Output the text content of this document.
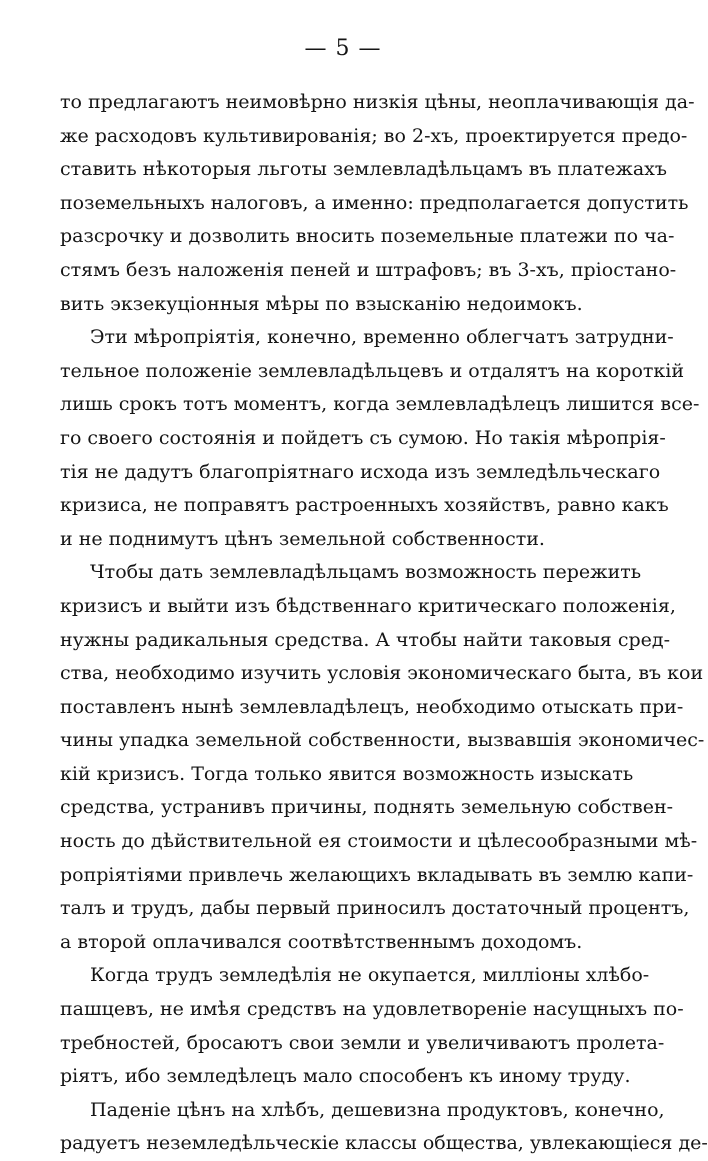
— 5 —
то предлагаютъ неимовѣрно низкія цѣны, неоплачивающія да-
же расходовъ культивированія; во 2-хъ, проектируется предо-
ставить нѣкоторыя льготы землевладѣльцамъ въ платежахъ
поземельныхъ налоговъ, а именно: предполагается допустить
разсрочку и дозволить вносить поземельные платежи по ча-
стямъ безъ наложенія пеней и штрафовъ; въ 3-хъ, пріостано-
вить экзекуціонныя мѣры по взысканію недоимокъ.
Эти мѣропріятія, конечно, временно облегчатъ затрудни-
тельное положеніе землевладѣльцевъ и отдалятъ на короткій
лишь срокъ тотъ моментъ, когда землевладѣлецъ лишится все-
го своего состоянія и пойдетъ съ сумою. Но такія мѣропрія-
тія не дадутъ благопріятнаго исхода изъ земледѣльческаго
кризиса, не поправятъ растроенныхъ хозяйствъ, равно какъ
и не поднимутъ цѣнъ земельной собственности.
Чтобы дать землевладѣльцамъ возможность пережить
кризисъ и выйти изъ бѣдственнаго критическаго положенія,
нужны радикальныя средства. А чтобы найти таковыя сред-
ства, необходимо изучить условія экономическаго быта, въ кои
поставленъ нынѣ землевладѣлецъ, необходимо отыскать при-
чины упадка земельной собственности, вызвавшія экономичес-
кій кризисъ. Тогда только явится возможность изыскать
средства, устранивъ причины, поднять земельную собствен-
ность до дѣйствительной ея стоимости и цѣлесообразными мѣ-
ропріятіями привлечь желающихъ вкладывать въ землю капи-
талъ и трудъ, дабы первый приносилъ достаточный процентъ,
а второй оплачивался соотвѣтственнымъ доходомъ.
Когда трудъ земледѣлія не окупается, милліоны хлѣбо-
пашцевъ, не имѣя средствъ на удовлетвореніе насущныхъ по-
требностей, бросаютъ свои земли и увеличиваютъ пролета-
ріятъ, ибо земледѣлецъ мало способенъ къ иному труду.
Паденіе цѣнъ на хлѣбъ, дешевизна продуктовъ, конечно,
радуетъ неземледѣльческіе классы общества, увлекающіеся де-
